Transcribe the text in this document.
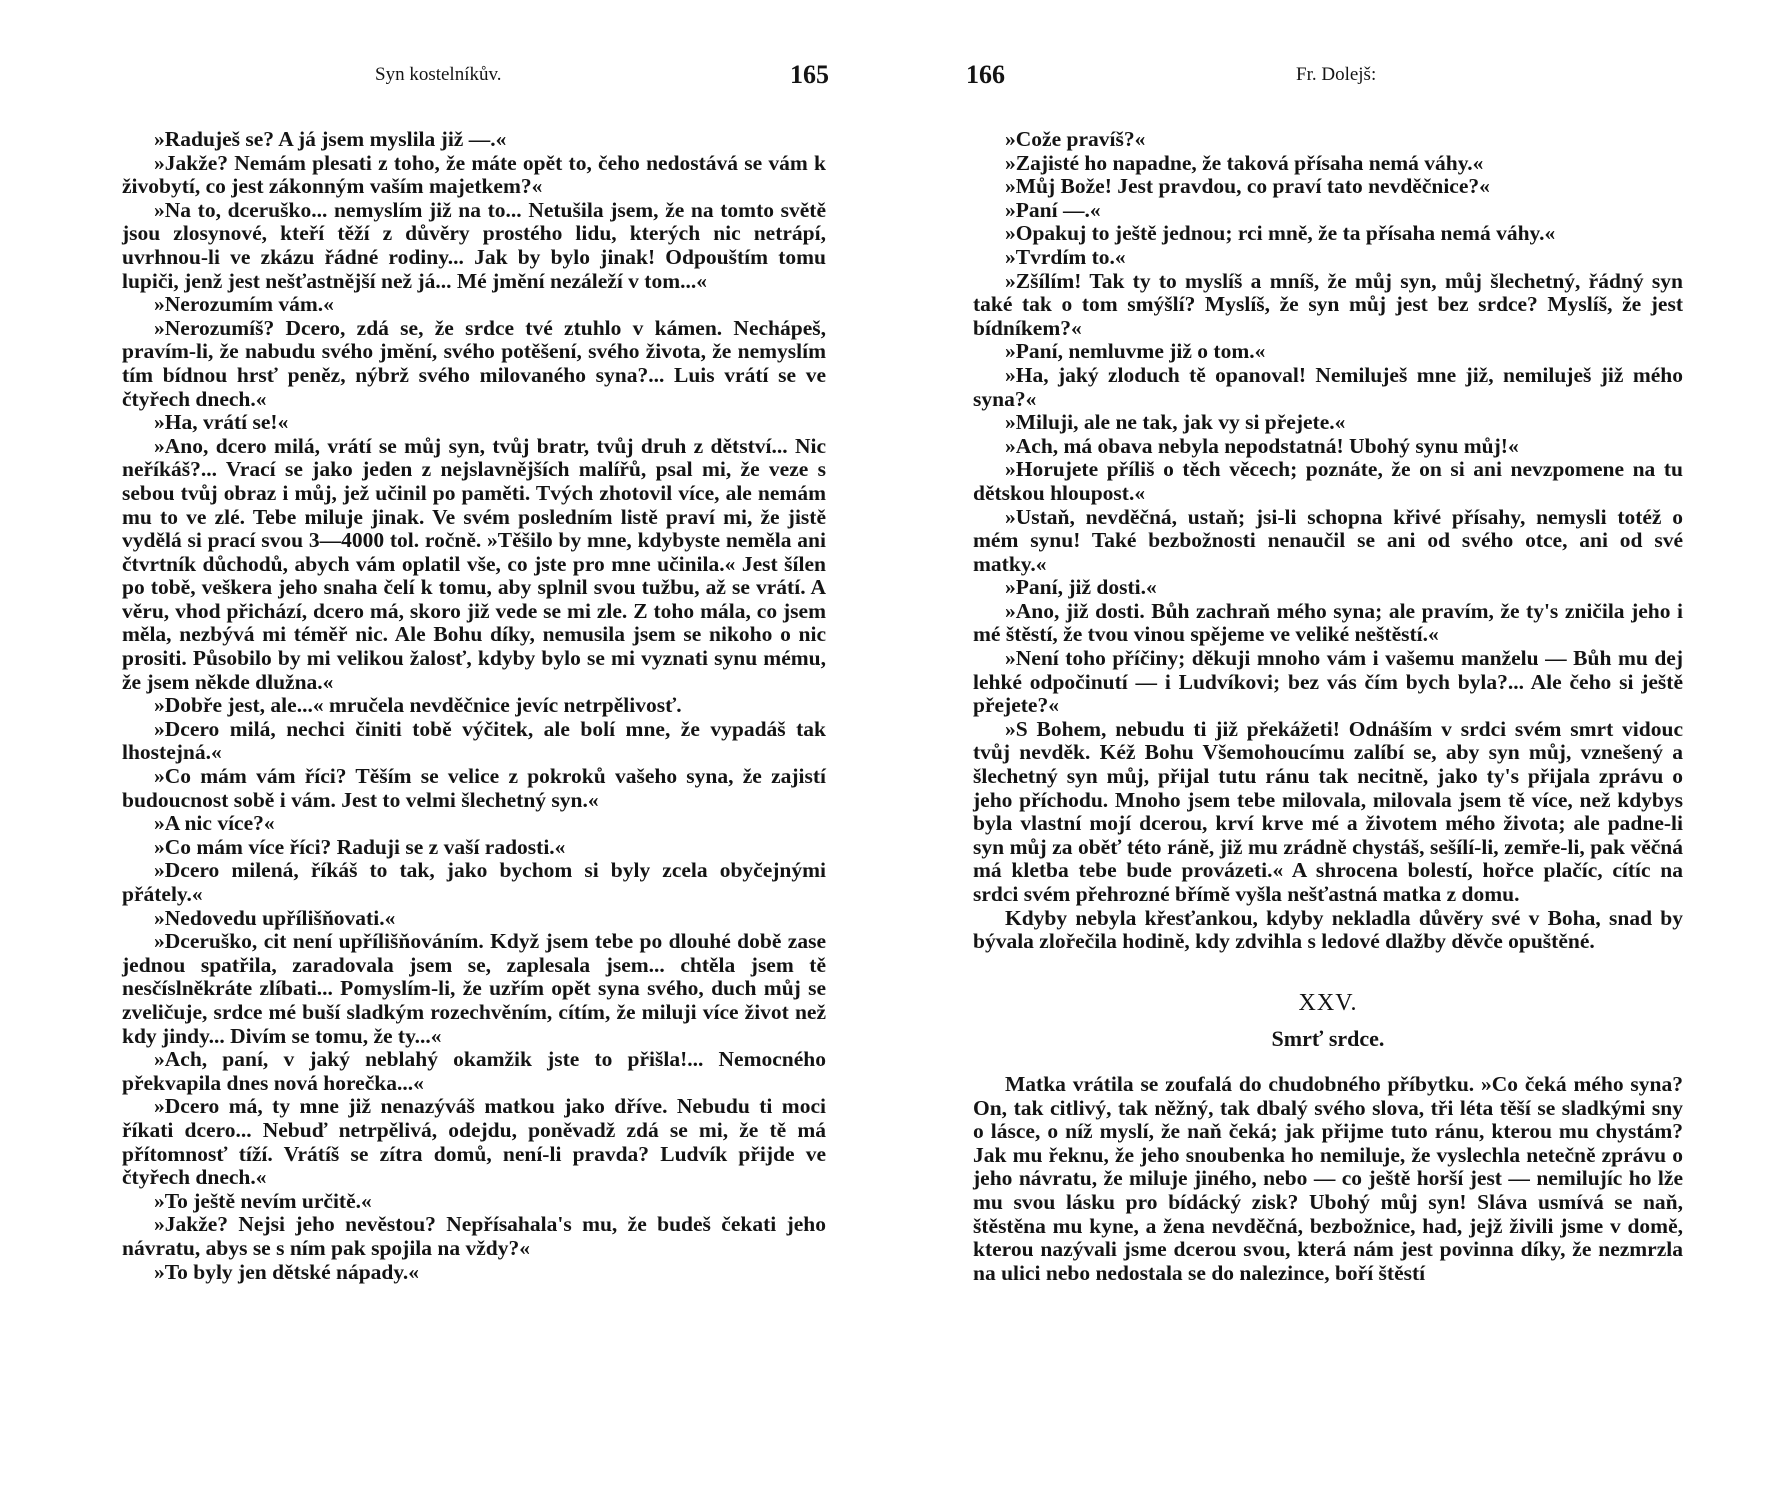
Syn kostelníkův.	165

»Raduješ se? A já jsem myslila již —.«

»Jakže? Nemám plesati z toho, že máte opět to, čeho nedostává se vám k živobytí, co jest zákonným vaším majetkem?«

»Na to, dceruško... nemyslím již na to... Netušila jsem, že na tomto světě jsou zlosynové, kteří těží z důvěry prostého lidu, kterých nic netrápí, uvrhnou-li ve zkázu řádné rodiny... Jak by bylo jinak! Odpouštím tomu lupiči, jenž jest nešťastnější než já... Mé jmění nezáleží v tom...«

»Nerozumím vám.«

»Nerozumíš? Dcero, zdá se, že srdce tvé ztuhlo v kámen. Nechápeš, pravím-li, že nabudu svého jmění, svého potěšení, svého života, že nemyslím tím bídnou hrsť peněz, nýbrž svého milovaného syna?... Luis vrátí se ve čtyřech dnech.«

»Ha, vrátí se!«

»Ano, dcero milá, vrátí se můj syn, tvůj bratr, tvůj druh z dětství... Nic neříkáš?... Vrací se jako jeden z nejslavnějších malířů, psal mi, že veze s sebou tvůj obraz i můj, jež učinil po paměti. Tvých zhotovil více, ale nemám mu to ve zlé. Tebe miluje jinak. Ve svém posledním listě praví mi, že jistě vydělá si prací svou 3—4000 tol. ročně. »Těšilo by mne, kdybyste neměla ani čtvrtník důchodů, abych vám oplatil vše, co jste pro mne učinila.« Jest šílen po tobě, veškera jeho snaha čelí k tomu, aby splnil svou tužbu, až se vrátí. A věru, vhod přichází, dcero má, skoro již vede se mi zle. Z toho mála, co jsem měla, nezbývá mi téměř nic. Ale Bohu díky, nemusila jsem se nikoho o nic prositi. Působilo by mi velikou žalosť, kdyby bylo se mi vyznati synu mému, že jsem někde dlužna.«

»Dobře jest, ale...« mručela nevděčnice jevíc netrpělivosť.

»Dcero milá, nechci činiti tobě výčitek, ale bolí mne, že vypadáš tak lhostejná.«

»Co mám vám říci? Těším se velice z pokroků vašeho syna, že zajistí budoucnost sobě i vám. Jest to velmi šlechetný syn.«

»A nic více?«

»Co mám více říci? Raduji se z vaší radosti.«

»Dcero milená, říkáš to tak, jako bychom si byly zcela obyčejnými přátely.«

»Nedovedu upřílišňovati.«

»Dceruško, cit není upřílišňováním. Když jsem tebe po dlouhé době zase jednou spatřila, zaradovala jsem se, zaplesala jsem... chtěla jsem tě nesčíslněkráte zlíbati... Pomyslím-li, že uzřím opět syna svého, duch můj se zveličuje, srdce mé buší sladkým rozechvěním, cítím, že miluji více život než kdy jindy... Divím se tomu, že ty...«

»Ach, paní, v jaký neblahý okamžik jste to přišla!... Nemocného překvapila dnes nová horečka...«

»Dcero má, ty mne již nenazýváš matkou jako dříve. Nebudu ti moci říkati dcero... Nebuď netrpělivá, odejdu, poněvadž zdá se mi, že tě má přítomnosť tíží. Vrátíš se zítra domů, není-li pravda? Ludvík přijde ve čtyřech dnech.«

»To ještě nevím určitě.«

»Jakže? Nejsi jeho nevěstou? Nepřísahala's mu, že budeš čekati jeho návratu, abys se s ním pak spojila na vždy?«

»To byly jen dětské nápady.«

166	Fr. Dolejš:

»Cože pravíš?«

»Zajisté ho napadne, že taková přísaha nemá váhy.«

»Můj Bože! Jest pravdou, co praví tato nevděčnice?«

»Paní —.«

»Opakuj to ještě jednou; rci mně, že ta přísaha nemá váhy.«

»Tvrdím to.«

»Zšílím! Tak ty to myslíš a mníš, že můj syn, můj šlechetný, řádný syn také tak o tom smýšlí? Myslíš, že syn můj jest bez srdce? Myslíš, že jest bídníkem?«

»Paní, nemluvme již o tom.«

»Ha, jaký zloduch tě opanoval! Nemiluješ mne již, nemiluješ již mého syna?«

»Miluji, ale ne tak, jak vy si přejete.«

»Ach, má obava nebyla nepodstatná! Ubohý synu můj!«

»Horujete příliš o těch věcech; poznáte, že on si ani nevzpomene na tu dětskou hloupost.«

»Ustaň, nevděčná, ustaň; jsi-li schopna křivé přísahy, nemysli totéž o mém synu! Také bezbožnosti nenaučil se ani od svého otce, ani od své matky.«

»Paní, již dosti.«

»Ano, již dosti. Bůh zachraň mého syna; ale pravím, že ty's zničila jeho i mé štěstí, že tvou vinou spějeme ve veliké neštěstí.«

»Není toho příčiny; děkuji mnoho vám i vašemu manželu — Bůh mu dej lehké odpočinutí — i Ludvíkovi; bez vás čím bych byla?... Ale čeho si ještě přejete?«

»S Bohem, nebudu ti již překážeti! Odnáším v srdci svém smrt vidouc tvůj nevděk. Kéž Bohu Všemohoucímu zalíbí se, aby syn můj, vznešený a šlechetný syn můj, přijal tutu ránu tak necitně, jako ty's přijala zprávu o jeho příchodu. Mnoho jsem tebe milovala, milovala jsem tě více, než kdybys byla vlastní mojí dcerou, krví krve mé a životem mého života; ale padne-li syn můj za oběť této ráně, již mu zrádně chystáš, sešílí-li, zemře-li, pak věčná má kletba tebe bude provázeti.« A shrocena bolestí, hořce plačíc, cítíc na srdci svém přehrozné břímě vyšla nešťastná matka z domu.

Kdyby nebyla křesťankou, kdyby nekladla důvěry své v Boha, snad by bývala zlořečila hodině, kdy zdvihla s ledové dlažby děvče opuštěné.

XXV.
Smrť srdce.

Matka vrátila se zoufalá do chudobného příbytku. »Co čeká mého syna? On, tak citlivý, tak něžný, tak dbalý svého slova, tři léta těší se sladkými sny o lásce, o níž myslí, že naň čeká; jak přijme tuto ránu, kterou mu chystám? Jak mu řeknu, že jeho snoubenka ho nemiluje, že vyslechla netečně zprávu o jeho návratu, že miluje jiného, nebo — co ještě horší jest — nemilujíc ho lže mu svou lásku pro bídácký zisk? Ubohý můj syn! Sláva usmívá se naň, štěstěna mu kyne, a žena nevděčná, bezbožnice, had, jejž živili jsme v domě, kterou nazývali jsme dcerou svou, která nám jest povinna díky, že nezmrzla na ulici nebo nedostala se do nalezince, boří štěstí
